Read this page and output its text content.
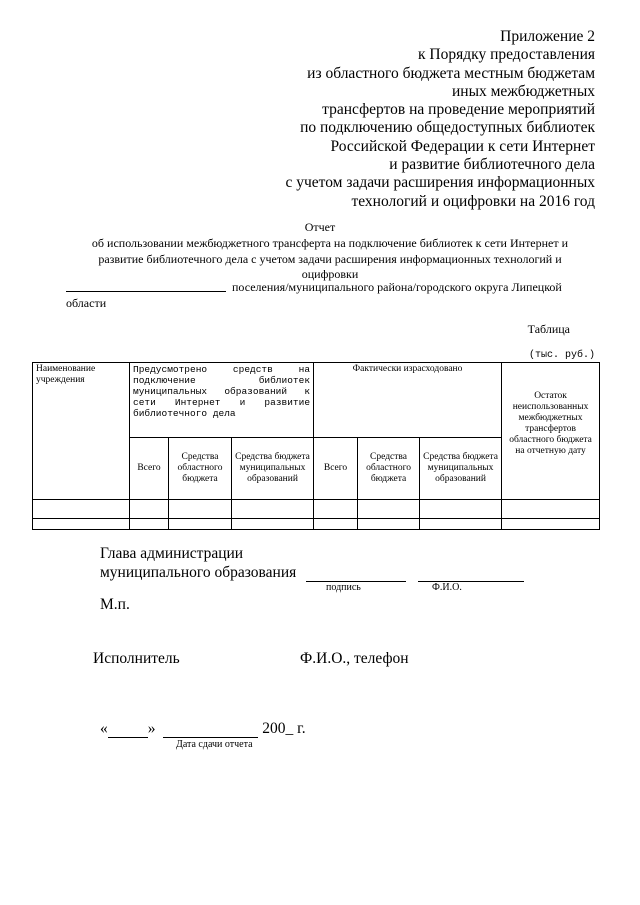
Приложение 2
к Порядку предоставления
из областного бюджета местным бюджетам
иных межбюджетных
трансфертов на проведение мероприятий
по подключению общедоступных библиотек
Российской Федерации к сети Интернет
и развитие библиотечного дела
с учетом задачи расширения информационных
технологий и оцифровки на 2016 год
Отчет
об использовании межбюджетного трансферта на подключение библиотек к сети Интернет и развитие библиотечного дела с учетом задачи расширения информационных технологий и оцифровки
поселения/муниципального района/городского округа Липецкой области
Таблица
(тыс. руб.)
Наименование учреждения	Предусмотрено средств на подключение библиотек муниципальных образований к сети Интернет и развитие библиотечного дела			Фактически израсходовано			Остаток неиспользованных межбюджетных трансфертов областного бюджета на отчетную дату
	Всего	Средства областного бюджета	Средства бюджета муниципальных образований	Всего	Средства областного бюджета	Средства бюджета муниципальных образований	

Глава администрации
муниципального образования
подпись	Ф.И.О.
М.п.
Исполнитель	Ф.И.О., телефон
«	»	200_ г.
Дата сдачи отчета
